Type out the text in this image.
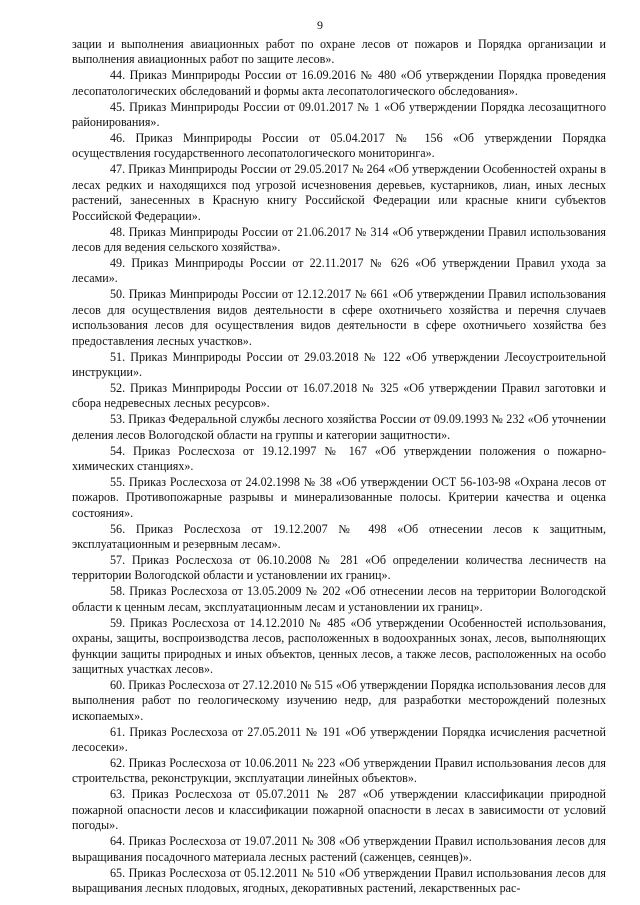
9

зации и выполнения авиационных работ по охране лесов от пожаров и Порядка организации и выполнения авиационных работ по защите лесов».

44. Приказ Минприроды России от 16.09.2016 № 480 «Об утверждении Порядка проведения лесопатологических обследований и формы акта лесопатологического обследования».

45. Приказ Минприроды России от 09.01.2017 № 1 «Об утверждении Порядка лесозащитного районирования».

46. Приказ Минприроды России от 05.04.2017 № 156 «Об утверждении Порядка осуществления государственного лесопатологического мониторинга».

47. Приказ Минприроды России от 29.05.2017 № 264 «Об утверждении Особенностей охраны в лесах редких и находящихся под угрозой исчезновения деревьев, кустарников, лиан, иных лесных растений, занесенных в Красную книгу Российской Федерации или красные книги субъектов Российской Федерации».

48. Приказ Минприроды России от 21.06.2017 № 314 «Об утверждении Правил использования лесов для ведения сельского хозяйства».

49. Приказ Минприроды России от 22.11.2017 № 626 «Об утверждении Правил ухода за лесами».

50. Приказ Минприроды России от 12.12.2017 № 661 «Об утверждении Правил использования лесов для осуществления видов деятельности в сфере охотничьего хозяйства и перечня случаев использования лесов для осуществления видов деятельности в сфере охотничьего хозяйства без предоставления лесных участков».

51. Приказ Минприроды России от 29.03.2018 № 122 «Об утверждении Лесоустроительной инструкции».

52. Приказ Минприроды России от 16.07.2018 № 325 «Об утверждении Правил заготовки и сбора недревесных лесных ресурсов».

53. Приказ Федеральной службы лесного хозяйства России от 09.09.1993 № 232 «Об уточнении деления лесов Вологодской области на группы и категории защитности».

54. Приказ Рослесхоза от 19.12.1997 № 167 «Об утверждении положения о пожарно-химических станциях».

55. Приказ Рослесхоза от 24.02.1998 № 38 «Об утверждении ОСТ 56-103-98 «Охрана лесов от пожаров. Противопожарные разрывы и минерализованные полосы. Критерии качества и оценка состояния».

56. Приказ Рослесхоза от 19.12.2007 № 498 «Об отнесении лесов к защитным, эксплуатационным и резервным лесам».

57. Приказ Рослесхоза от 06.10.2008 № 281 «Об определении количества лесничеств на территории Вологодской области и установлении их границ».

58. Приказ Рослесхоза от 13.05.2009 № 202 «Об отнесении лесов на территории Вологодской области к ценным лесам, эксплуатационным лесам и установлении их границ».

59. Приказ Рослесхоза от 14.12.2010 № 485 «Об утверждении Особенностей использования, охраны, защиты, воспроизводства лесов, расположенных в водоохранных зонах, лесов, выполняющих функции защиты природных и иных объектов, ценных лесов, а также лесов, расположенных на особо защитных участках лесов».

60. Приказ Рослесхоза от 27.12.2010 № 515 «Об утверждении Порядка использования лесов для выполнения работ по геологическому изучению недр, для разработки месторождений полезных ископаемых».

61. Приказ Рослесхоза от 27.05.2011 № 191 «Об утверждении Порядка исчисления расчетной лесосеки».

62. Приказ Рослесхоза от 10.06.2011 № 223 «Об утверждении Правил использования лесов для строительства, реконструкции, эксплуатации линейных объектов».

63. Приказ Рослесхоза от 05.07.2011 № 287 «Об утверждении классификации природной пожарной опасности лесов и классификации пожарной опасности в лесах в зависимости от условий погоды».

64. Приказ Рослесхоза от 19.07.2011 № 308 «Об утверждении Правил использования лесов для выращивания посадочного материала лесных растений (саженцев, сеянцев)».

65. Приказ Рослесхоза от 05.12.2011 № 510 «Об утверждении Правил использования лесов для выращивания лесных плодовых, ягодных, декоративных растений, лекарственных рас-
